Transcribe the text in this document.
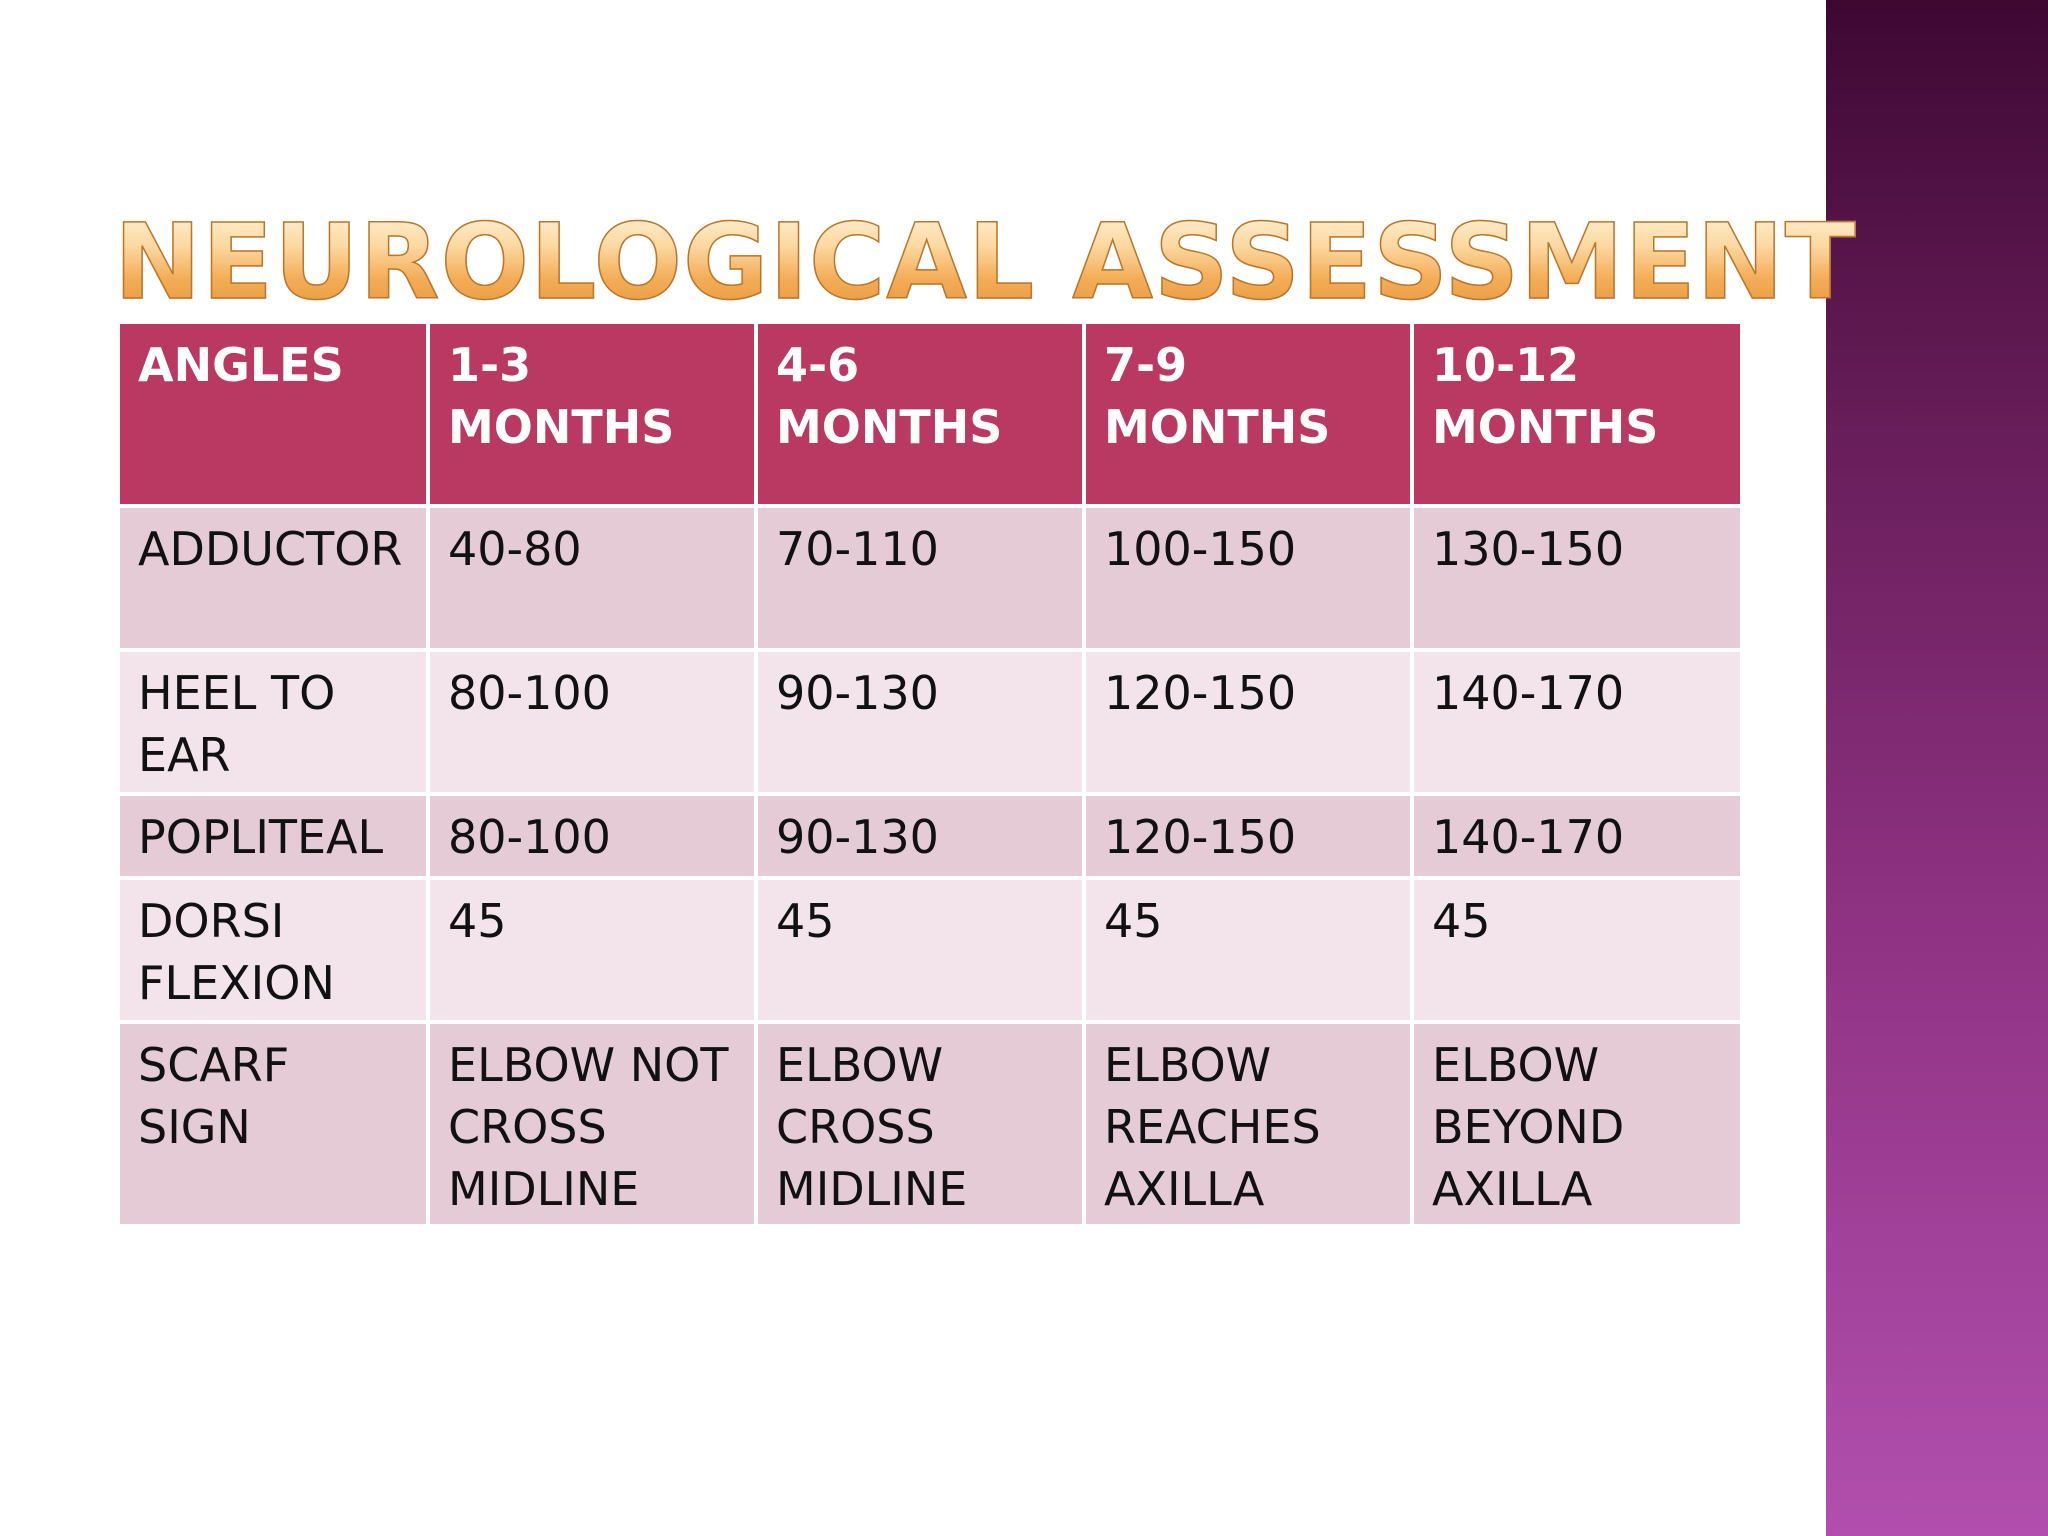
NEUROLOGICAL ASSESSMENT
ANGLES	1-3 MONTHS	4-6 MONTHS	7-9 MONTHS	10-12 MONTHS
ADDUCTOR	40-80	70-110	100-150	130-150
HEEL TO EAR	80-100	90-130	120-150	140-170
POPLITEAL	80-100	90-130	120-150	140-170
DORSI FLEXION	45	45	45	45
SCARF SIGN	ELBOW NOT CROSS MIDLINE	ELBOW CROSS MIDLINE	ELBOW REACHES AXILLA	ELBOW BEYOND AXILLA
